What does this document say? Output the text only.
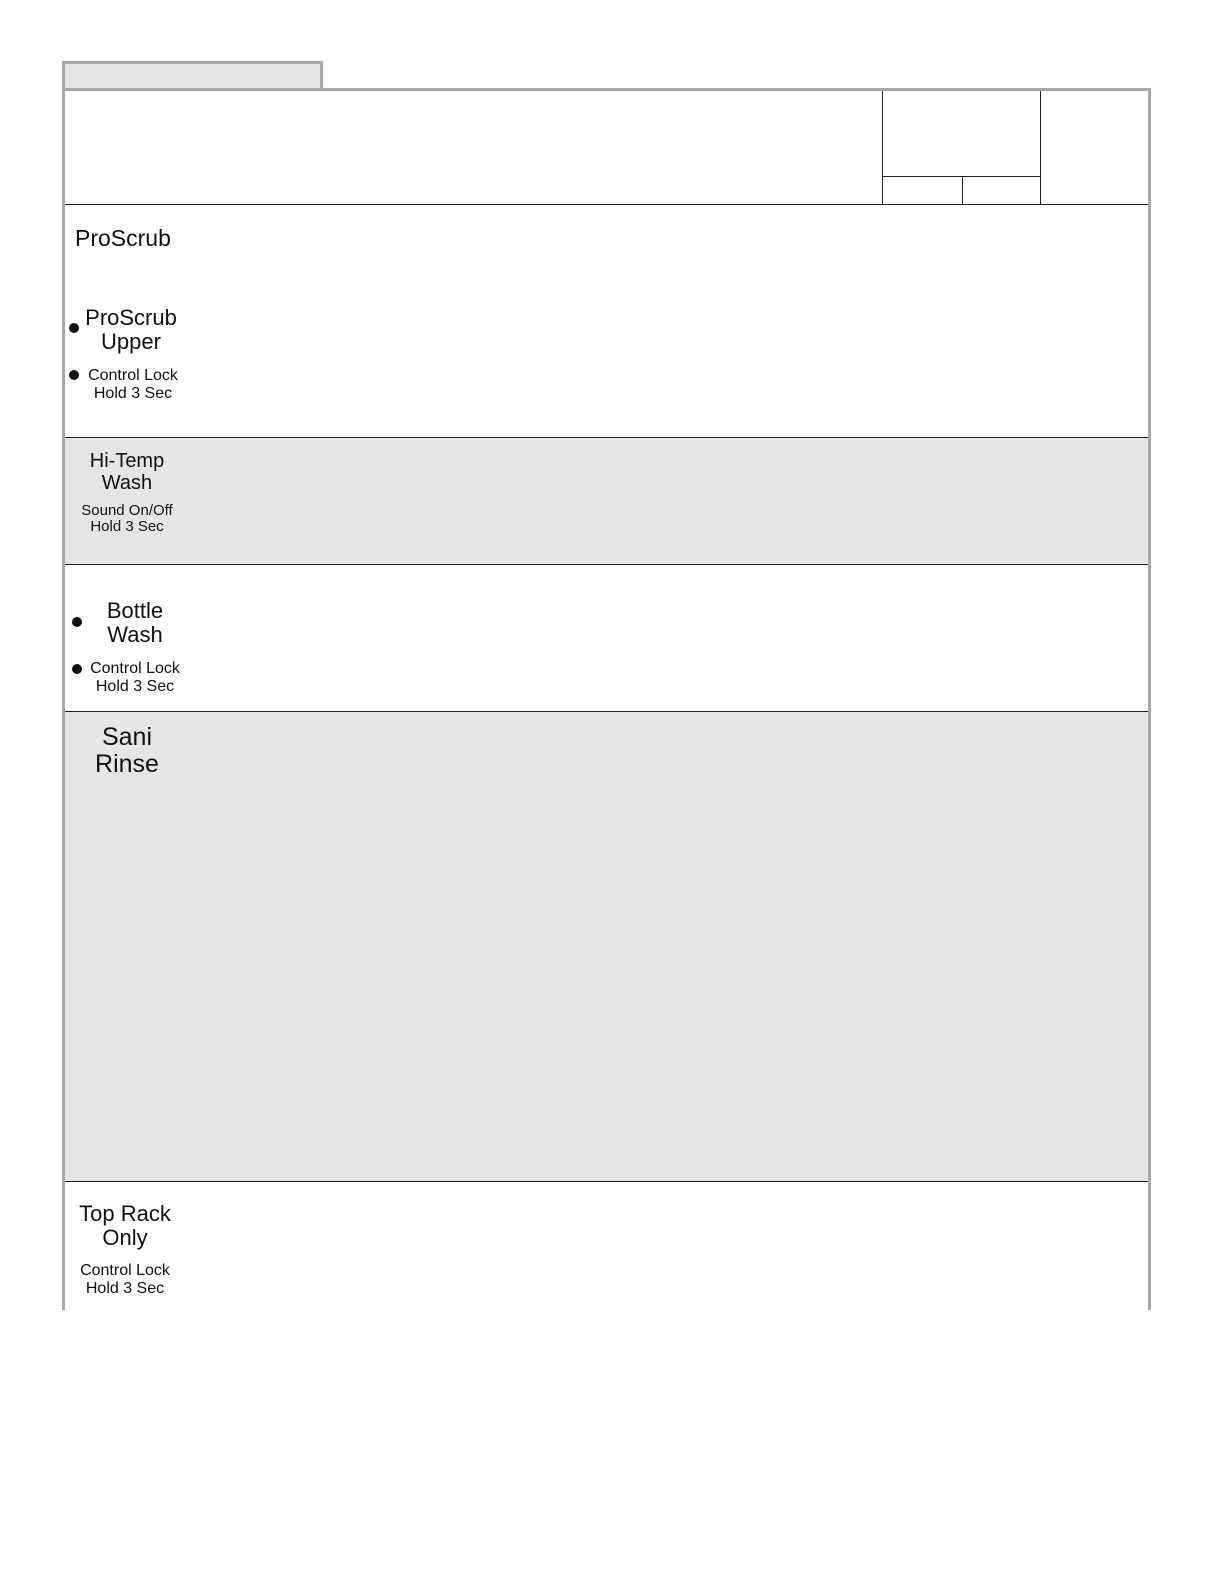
ProScrub
ProScrub
Upper
Control Lock
Hold 3 Sec
Hi-Temp
Wash
Sound On/Off
Hold 3 Sec
Bottle
Wash
Control Lock
Hold 3 Sec
Sani
Rinse
Top Rack
Only
Control Lock
Hold 3 Sec
